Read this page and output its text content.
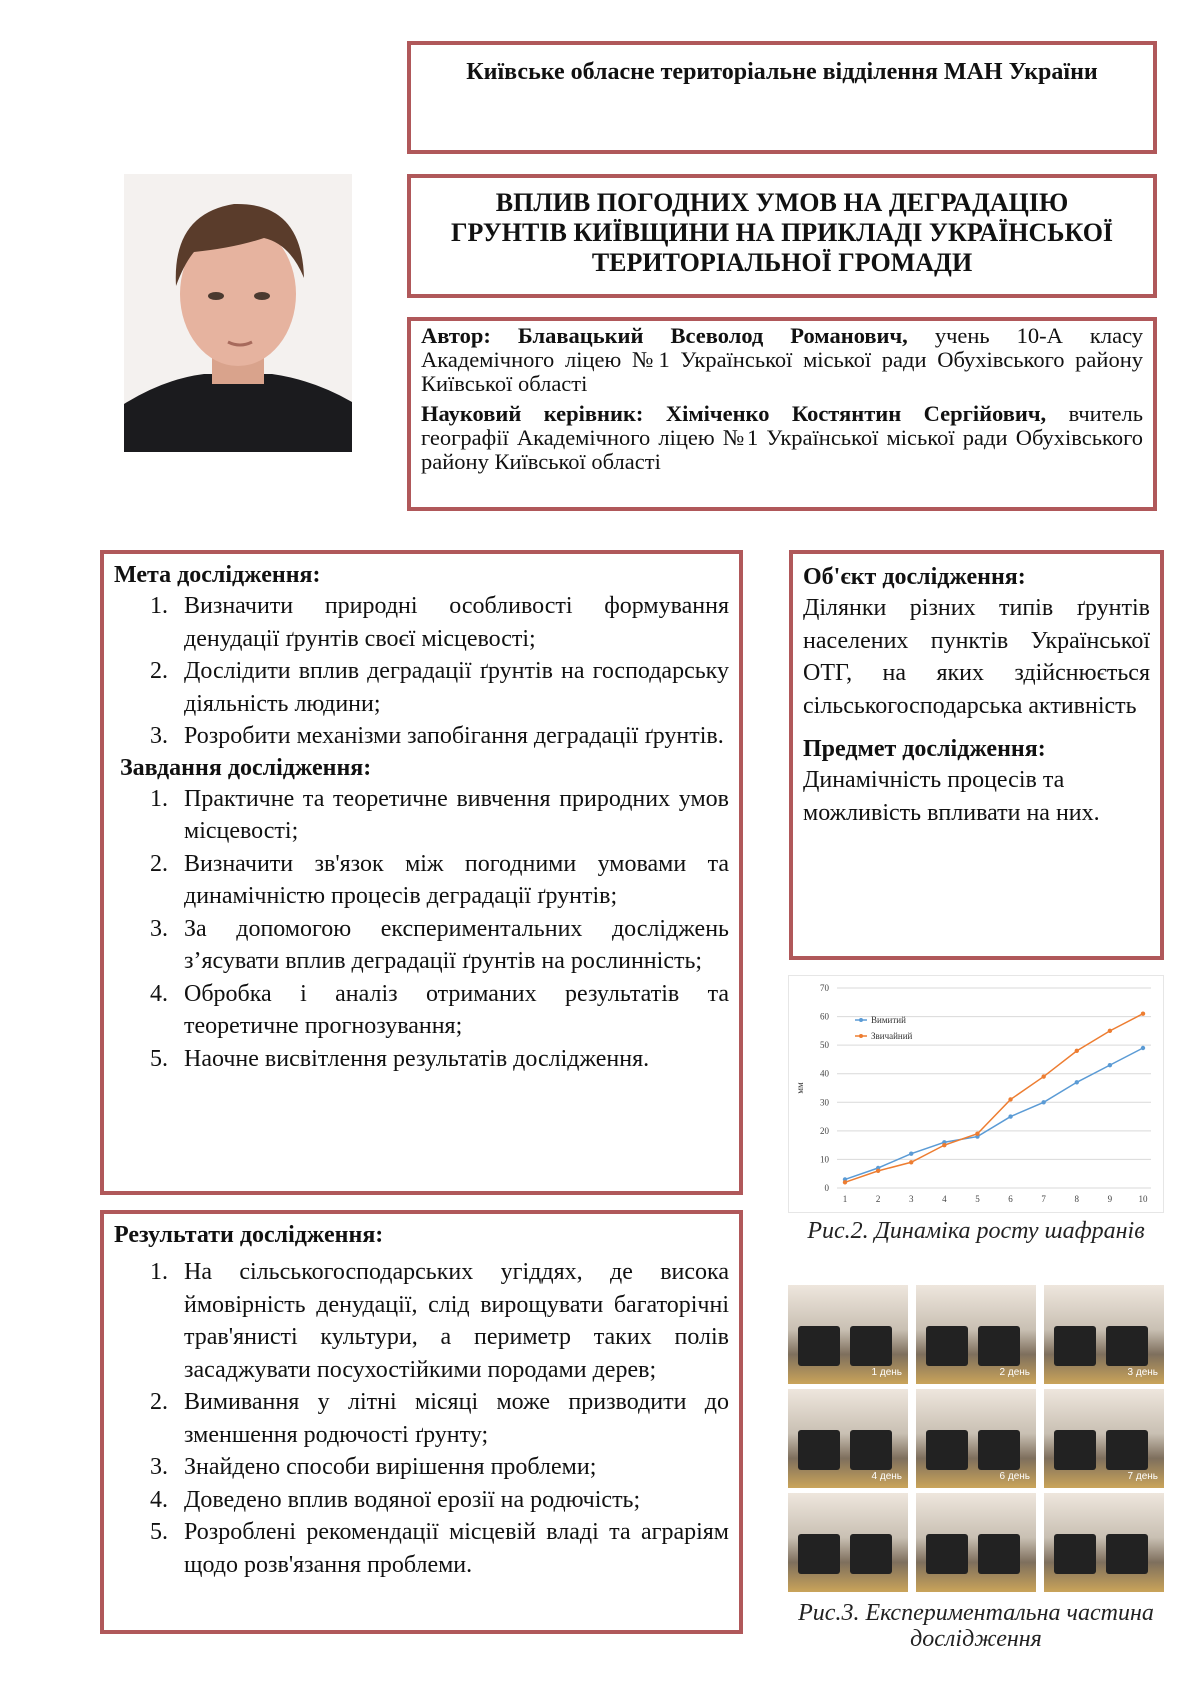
Київське обласне територіальне відділення МАН України
ВПЛИВ ПОГОДНИХ УМОВ НА ДЕГРАДАЦІЮ
ГРУНТІВ КИЇВЩИНИ НА ПРИКЛАДІ УКРАЇНСЬКОЇ
ТЕРИТОРІАЛЬНОЇ ГРОМАДИ

Автор: Блавацький Всеволод Романович, учень 10-А класу Академічного ліцею №1 Української міської ради Обухівського району Київської області

Науковий керівник: Хіміченко Костянтин Сергійович, вчитель географії Академічного ліцею №1 Української міської ради Обухівського району Київської області

Мета дослідження:
1. Визначити природні особливості формування денудації ґрунтів своєї місцевості;
2. Дослідити вплив деградації ґрунтів на господарську діяльність людини;
3. Розробити механізми запобігання деградації ґрунтів.
Завдання дослідження:
1. Практичне та теоретичне вивчення природних умов місцевості;
2. Визначити зв'язок між погодними умовами та динамічністю процесів деградації ґрунтів;
3. За допомогою експериментальних досліджень з’ясувати вплив деградації ґрунтів на рослинність;
4. Обробка і аналіз отриманих результатів та теоретичне прогнозування;
5. Наочне висвітлення результатів дослідження.
Об'єкт дослідження:

Ділянки різних типів ґрунтів населених пунктів Української ОТГ, на яких здійснюється сільськогосподарська активність

Предмет дослідження:

Динамічність процесів та можливість впливати на них.

Результати дослідження:
1. На сільськогосподарських угіддях, де висока ймовірність денудації, слід вирощувати багаторічні трав'янисті культури, а периметр таких полів засаджувати посухостійкими породами дерев;
2. Вимивання у літні місяці може призводити до зменшення родючості ґрунту;
3. Знайдено способи вирішення проблеми;
4. Доведено вплив водяної ерозії на родючість;
5. Розроблені рекомендації місцевій владі та аграріям щодо розв'язання проблеми.
0
10
20
30
40
50
60
70
1	2	3	4	5	6	7	8	9	10
мм
Вимитий
Звичайний
Рис.2. Динаміка росту шафранів
1 день	2 день	3 день
4 день	6 день	7 день
Рис.3. Експериментальна частина дослідження
